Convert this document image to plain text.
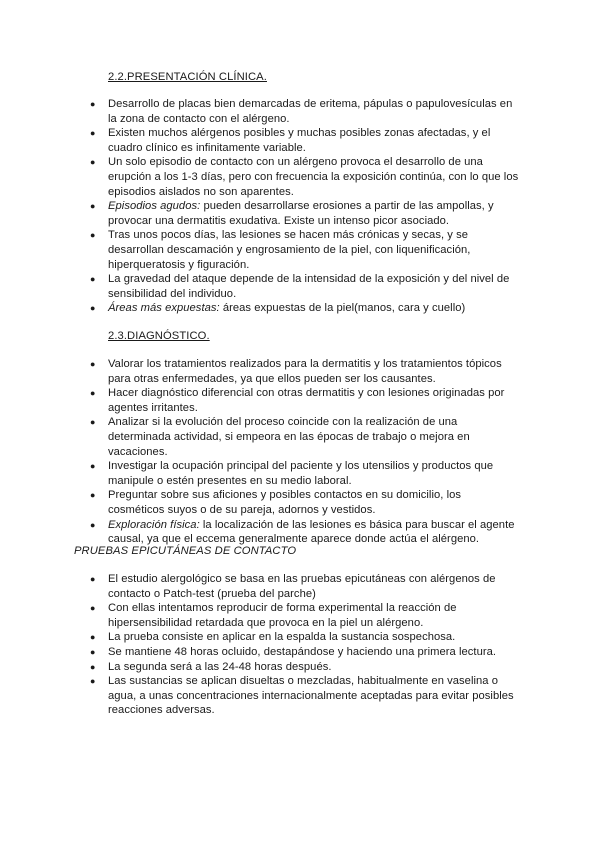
2.2.PRESENTACIÓN CLÍNICA.
● Desarrollo de placas bien demarcadas de eritema, pápulas o papulovesículas en la zona de contacto con el alérgeno.
● Existen muchos alérgenos posibles y muchas posibles zonas afectadas, y el cuadro clínico es infinitamente variable.
● Un solo episodio de contacto con un alérgeno provoca el desarrollo de una erupción a los 1-3 días, pero con frecuencia la exposición continúa, con lo que los episodios aislados no son aparentes.
● Episodios agudos: pueden desarrollarse erosiones a partir de las ampollas, y provocar una dermatitis exudativa. Existe un intenso picor asociado.
● Tras unos pocos días, las lesiones se hacen más crónicas y secas, y se desarrollan descamación y engrosamiento de la piel, con liquenificación, hiperqueratosis y figuración.
● La gravedad del ataque depende de la intensidad de la exposición y del nivel de sensibilidad del individuo.
● Áreas más expuestas: áreas expuestas de la piel(manos, cara y cuello)
2.3.DIAGNÓSTICO.
● Valorar los tratamientos realizados para la dermatitis y los tratamientos tópicos para otras enfermedades, ya que ellos pueden ser los causantes.
● Hacer diagnóstico diferencial con otras dermatitis y con lesiones originadas por agentes irritantes.
● Analizar si la evolución del proceso coincide con la realización de una determinada actividad, si empeora en las épocas de trabajo o mejora en vacaciones.
● Investigar la ocupación principal del paciente y los utensilios y productos que manipule o estén presentes en su medio laboral.
● Preguntar sobre sus aficiones y posibles contactos en su domicilio, los cosméticos suyos o de su pareja, adornos y vestidos.
● Exploración física: la localización de las lesiones es básica para buscar el agente causal, ya que el eccema generalmente aparece donde actúa el alérgeno.
PRUEBAS EPICUTÁNEAS DE CONTACTO
● El estudio alergológico se basa en las pruebas epicutáneas con alérgenos de contacto o Patch-test (prueba del parche)
● Con ellas intentamos reproducir de forma experimental la reacción de hipersensibilidad retardada que provoca en la piel un alérgeno.
● La prueba consiste en aplicar en la espalda la sustancia sospechosa.
● Se mantiene 48 horas ocluido, destapándose y haciendo una primera lectura.
● La segunda será a las 24-48 horas después.
● Las sustancias se aplican disueltas o mezcladas, habitualmente en vaselina o agua, a unas concentraciones internacionalmente aceptadas para evitar posibles reacciones adversas.
